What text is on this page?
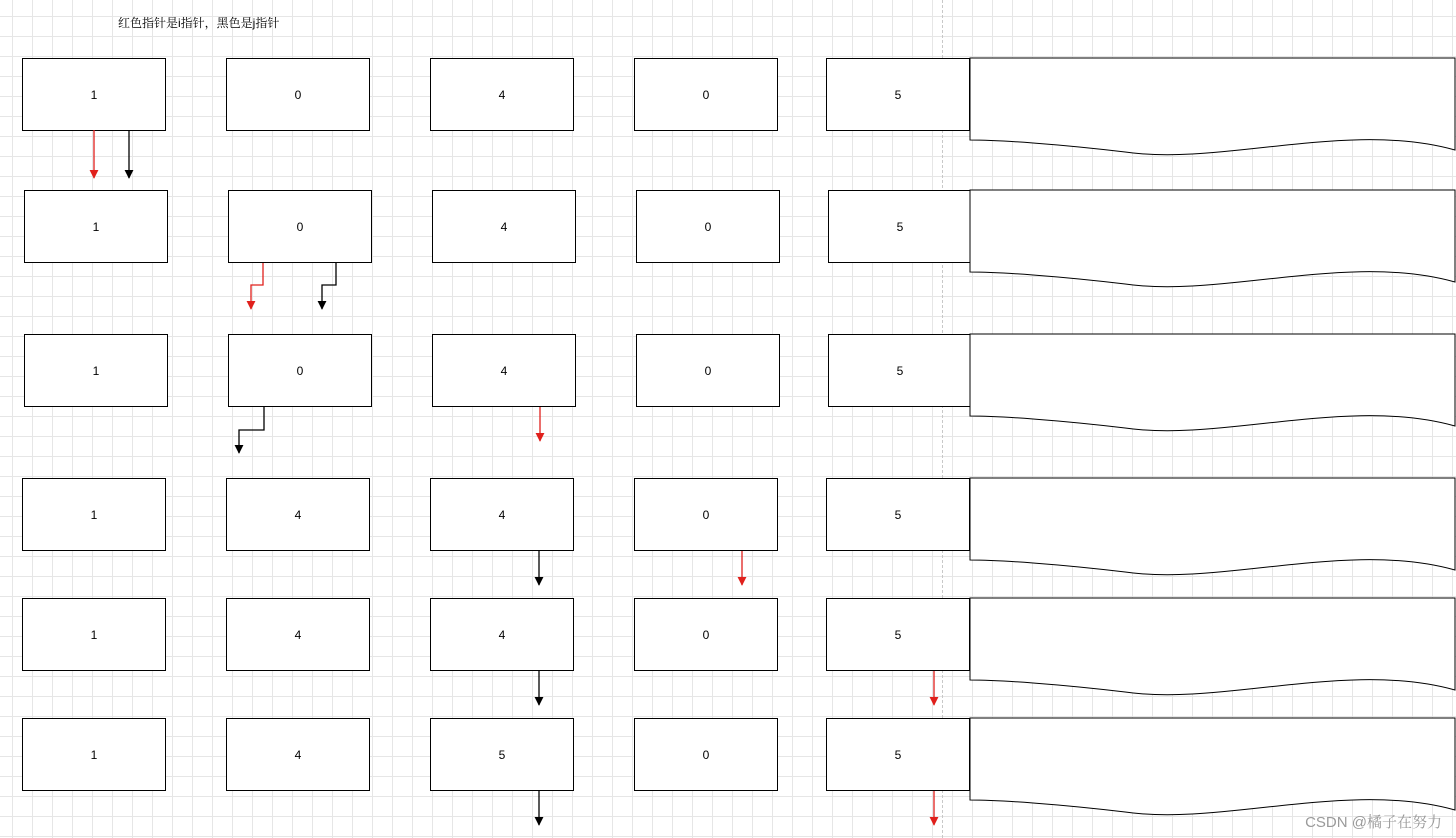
红色指针是i指针，黑色是j指针
1	0	4	0	5
1	0	4	0	5
1	0	4	0	5
1	4	4	0	5
1	4	4	0	5
1	4	5	0	5
CSDN @橘子在努力
